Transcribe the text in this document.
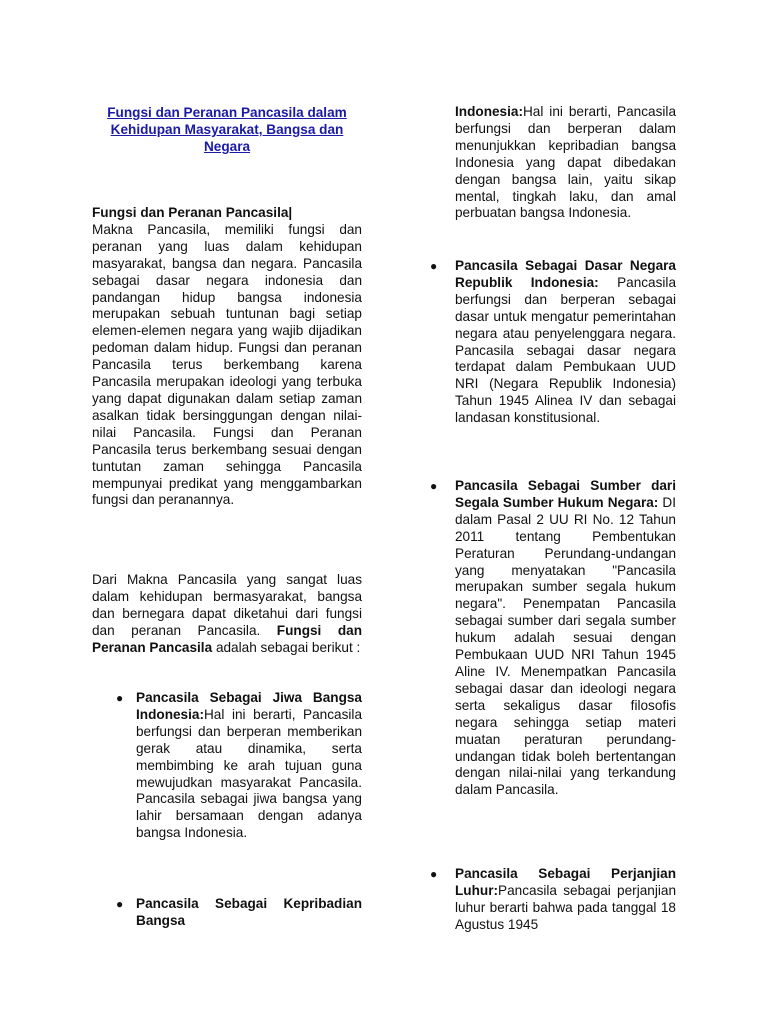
Fungsi dan Peranan Pancasila dalam Kehidupan Masyarakat, Bangsa dan Negara

Fungsi dan Peranan Pancasila|
Makna Pancasila, memiliki fungsi dan peranan yang luas dalam kehidupan masyarakat, bangsa dan negara. Pancasila sebagai dasar negara indonesia dan pandangan hidup bangsa indonesia merupakan sebuah tuntunan bagi setiap elemen-elemen negara yang wajib dijadikan pedoman dalam hidup. Fungsi dan peranan Pancasila terus berkembang karena Pancasila merupakan ideologi yang terbuka yang dapat digunakan dalam setiap zaman asalkan tidak bersinggungan dengan nilai-nilai Pancasila. Fungsi dan Peranan Pancasila terus berkembang sesuai dengan tuntutan zaman sehingga Pancasila mempunyai predikat yang menggambarkan fungsi dan peranannya.

Dari Makna Pancasila yang sangat luas dalam kehidupan bermasyarakat, bangsa dan bernegara dapat diketahui dari fungsi dan peranan Pancasila. Fungsi dan Peranan Pancasila adalah sebagai berikut :

● Pancasila Sebagai Jiwa Bangsa Indonesia:Hal ini berarti, Pancasila berfungsi dan berperan memberikan gerak atau dinamika, serta membimbing ke arah tujuan guna mewujudkan masyarakat Pancasila. Pancasila sebagai jiwa bangsa yang lahir bersamaan dengan adanya bangsa Indonesia.
● Pancasila Sebagai Kepribadian Bangsa

Indonesia:Hal ini berarti, Pancasila berfungsi dan berperan dalam menunjukkan kepribadian bangsa Indonesia yang dapat dibedakan dengan bangsa lain, yaitu sikap mental, tingkah laku, dan amal perbuatan bangsa Indonesia.

● Pancasila Sebagai Dasar Negara Republik Indonesia: Pancasila berfungsi dan berperan sebagai dasar untuk mengatur pemerintahan negara atau penyelenggara negara. Pancasila sebagai dasar negara terdapat dalam Pembukaan UUD NRI (Negara Republik Indonesia) Tahun 1945 Alinea IV dan sebagai landasan konstitusional.
● Pancasila Sebagai Sumber dari Segala Sumber Hukum Negara: DI dalam Pasal 2 UU RI No. 12 Tahun 2011 tentang Pembentukan Peraturan Perundang-undangan yang menyatakan "Pancasila merupakan sumber segala hukum negara". Penempatan Pancasila sebagai sumber dari segala sumber hukum adalah sesuai dengan Pembukaan UUD NRI Tahun 1945 Aline IV. Menempatkan Pancasila sebagai dasar dan ideologi negara serta sekaligus dasar filosofis negara sehingga setiap materi muatan peraturan perundang-undangan tidak boleh bertentangan dengan nilai-nilai yang terkandung dalam Pancasila.
● Pancasila Sebagai Perjanjian Luhur:Pancasila sebagai perjanjian luhur berarti bahwa pada tanggal 18 Agustus 1945
